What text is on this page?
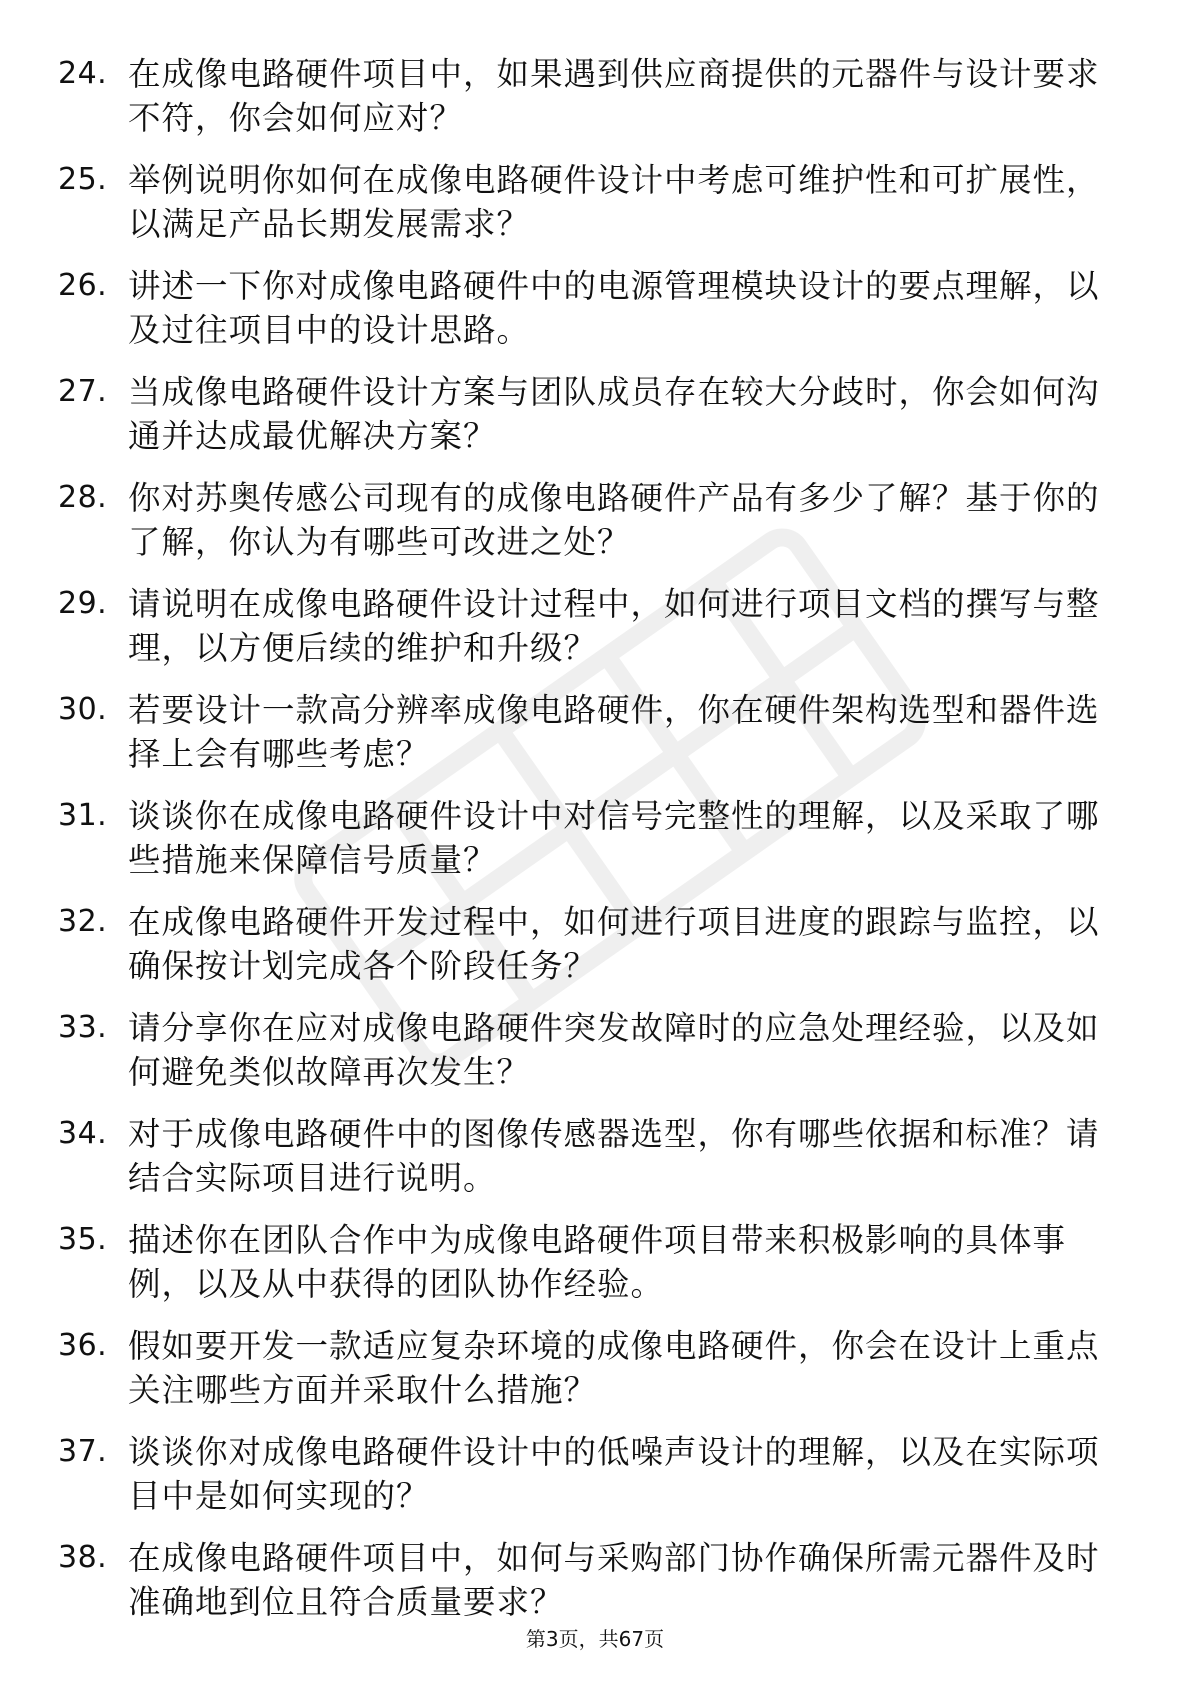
24. 在成像电路硬件项目中，如果遇到供应商提供的元器件与设计要求不符，你会如何应对？
25. 举例说明你如何在成像电路硬件设计中考虑可维护性和可扩展性，以满足产品长期发展需求？
26. 讲述一下你对成像电路硬件中的电源管理模块设计的要点理解，以及过往项目中的设计思路。
27. 当成像电路硬件设计方案与团队成员存在较大分歧时，你会如何沟通并达成最优解决方案？
28. 你对苏奥传感公司现有的成像电路硬件产品有多少了解？基于你的了解，你认为有哪些可改进之处？
29. 请说明在成像电路硬件设计过程中，如何进行项目文档的撰写与整理，以方便后续的维护和升级？
30. 若要设计一款高分辨率成像电路硬件，你在硬件架构选型和器件选择上会有哪些考虑？
31. 谈谈你在成像电路硬件设计中对信号完整性的理解，以及采取了哪些措施来保障信号质量？
32. 在成像电路硬件开发过程中，如何进行项目进度的跟踪与监控，以确保按计划完成各个阶段任务？
33. 请分享你在应对成像电路硬件突发故障时的应急处理经验，以及如何避免类似故障再次发生？
34. 对于成像电路硬件中的图像传感器选型，你有哪些依据和标准？请结合实际项目进行说明。
35. 描述你在团队合作中为成像电路硬件项目带来积极影响的具体事例，以及从中获得的团队协作经验。
36. 假如要开发一款适应复杂环境的成像电路硬件，你会在设计上重点关注哪些方面并采取什么措施？
37. 谈谈你对成像电路硬件设计中的低噪声设计的理解，以及在实际项目中是如何实现的？
38. 在成像电路硬件项目中，如何与采购部门协作确保所需元器件及时准确地到位且符合质量要求？
第3页，共67页
